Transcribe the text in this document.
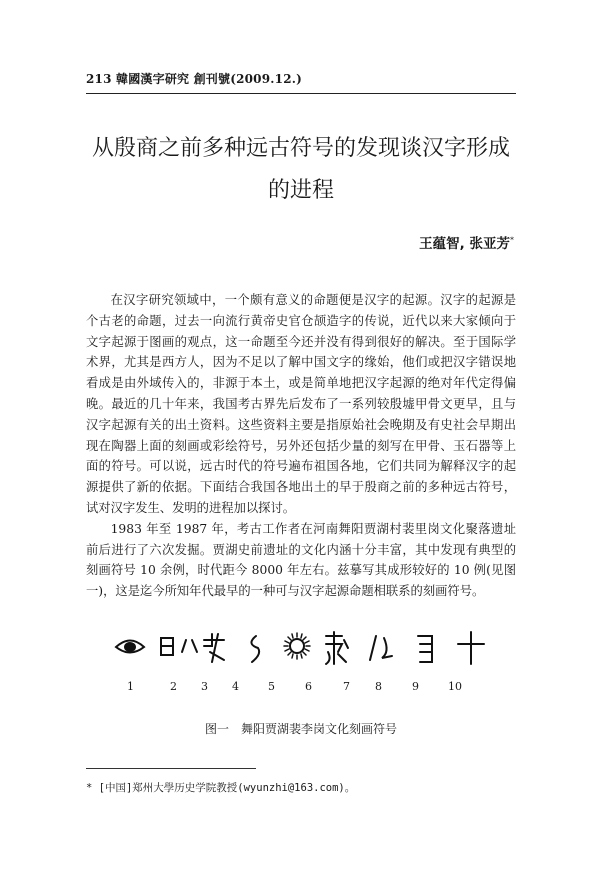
213 韓國漢字研究 創刊號(2009.12.)
从殷商之前多种远古符号的发现谈汉字形成
的进程
王蕴智, 张亚芳*

在汉字研究领域中，一个颇有意义的命题便是汉字的起源。汉字的起源是个古老的命题，过去一向流行黄帝史官仓颉造字的传说，近代以来大家倾向于文字起源于图画的观点，这一命题至今还并没有得到很好的解决。至于国际学术界，尤其是西方人，因为不足以了解中国文字的缘始，他们或把汉字错误地看成是由外域传入的，非源于本土，或是简单地把汉字起源的绝对年代定得偏晚。最近的几十年来，我国考古界先后发布了一系列较殷墟甲骨文更早，且与汉字起源有关的出土资料。这些资料主要是指原始社会晚期及有史社会早期出现在陶器上面的刻画或彩绘符号，另外还包括少量的刻写在甲骨、玉石器等上面的符号。可以说，远古时代的符号遍布祖国各地，它们共同为解释汉字的起源提供了新的依据。下面结合我国各地出土的早于殷商之前的多种远古符号，试对汉字发生、发明的进程加以探讨。

1983 年至 1987 年，考古工作者在河南舞阳贾湖村裴里岗文化聚落遗址前后进行了六次发掘。贾湖史前遗址的文化内涵十分丰富，其中发现有典型的刻画符号 10 余例，时代距今 8000 年左右。兹摹写其成形较好的 10 例(见图一)，这是迄今所知年代最早的一种可与汉字起源命题相联系的刻画符号。

1	2 3 4	5	6	7 8	9	10
图一　舞阳贾湖裴李岗文化刻画符号
* [中国]郑州大學历史学院教授(wyunzhi@163.com)。
